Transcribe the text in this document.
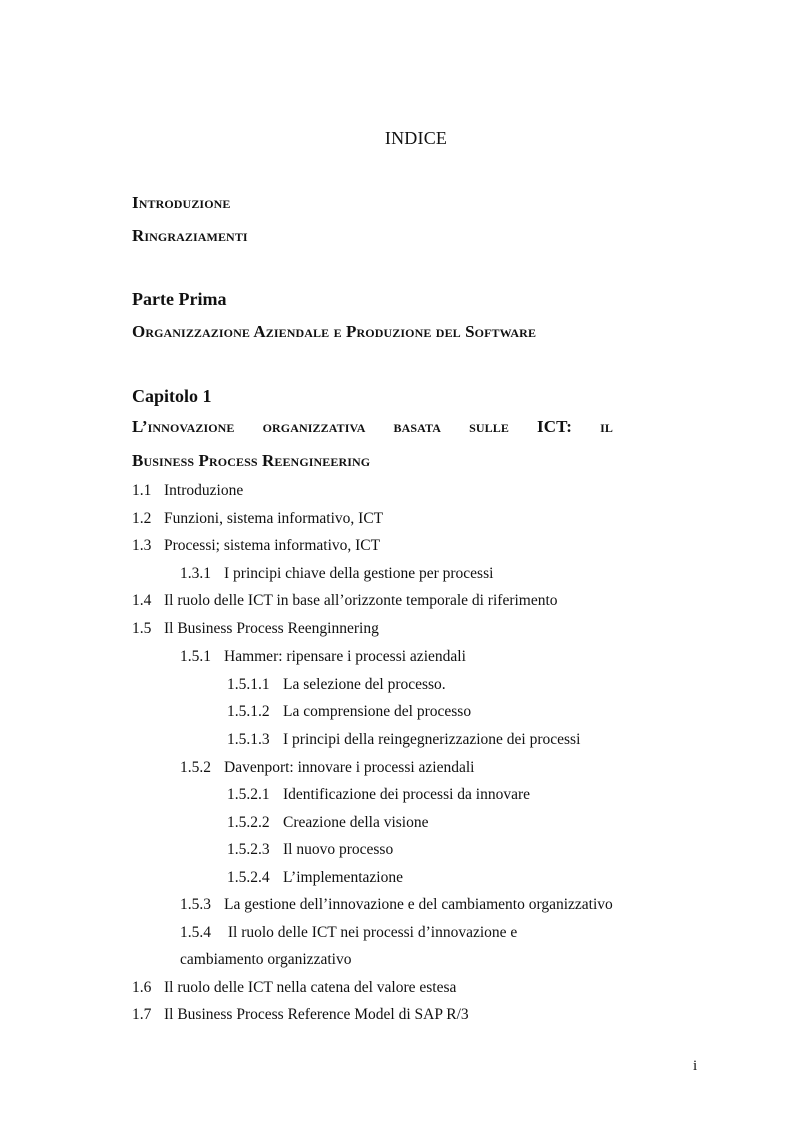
INDICE
Introduzione
Ringraziamenti
Parte Prima
Organizzazione Aziendale e Produzione del Software
Capitolo 1
L’innovazione organizzativa basata sulle ICT: il
Business Process Reengineering
1.1 Introduzione
1.2 Funzioni, sistema informativo, ICT
1.3 Processi; sistema informativo, ICT
1.3.1 I principi chiave della gestione per processi
1.4 Il ruolo delle ICT in base all’orizzonte temporale di riferimento
1.5 Il Business Process Reenginnering
1.5.1 Hammer: ripensare i processi aziendali
1.5.1.1 La selezione del processo.
1.5.1.2 La comprensione del processo
1.5.1.3 I principi della reingegnerizzazione dei processi
1.5.2 Davenport: innovare i processi aziendali
1.5.2.1 Identificazione dei processi da innovare
1.5.2.2 Creazione della visione
1.5.2.3 Il nuovo processo
1.5.2.4 L’implementazione
1.5.3 La gestione dell’innovazione e del cambiamento organizzativo
1.5.4 Il ruolo delle ICT nei processi d’innovazione e
cambiamento organizzativo
1.6 Il ruolo delle ICT nella catena del valore estesa
1.7 Il Business Process Reference Model di SAP R/3
i
